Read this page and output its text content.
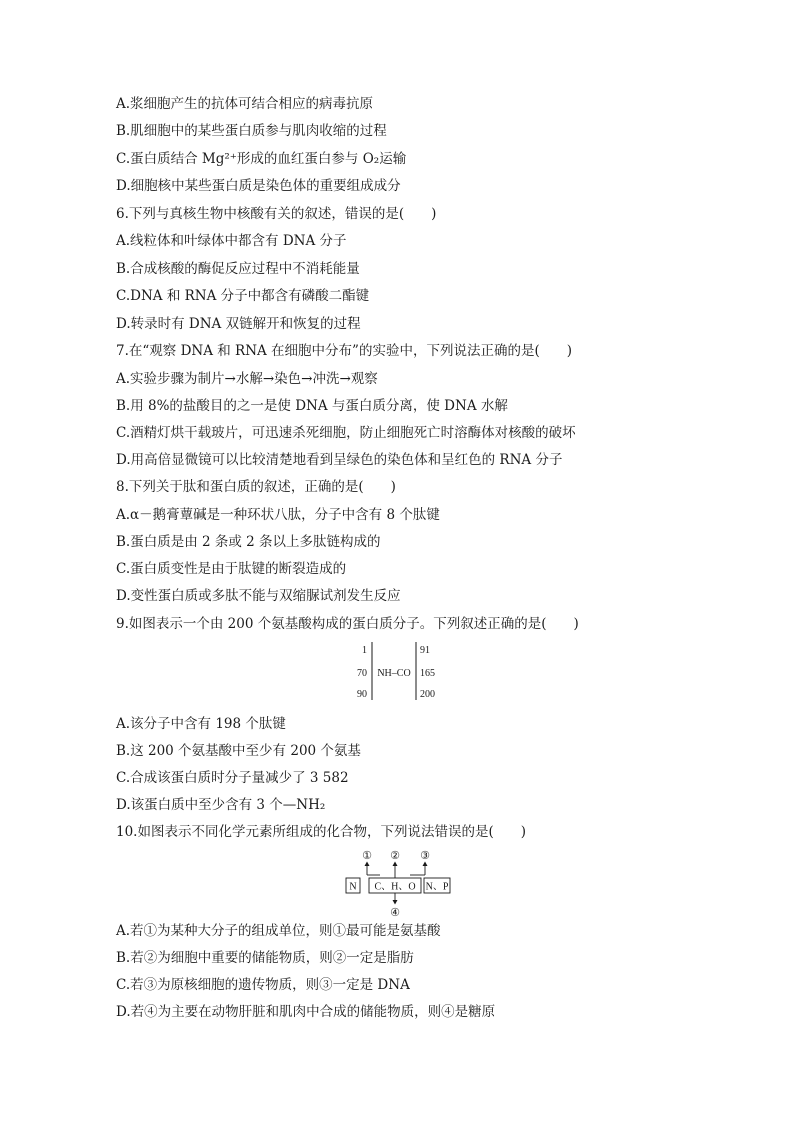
A.浆细胞产生的抗体可结合相应的病毒抗原
B.肌细胞中的某些蛋白质参与肌肉收缩的过程
C.蛋白质结合 Mg²⁺形成的血红蛋白参与 O₂运输
D.细胞核中某些蛋白质是染色体的重要组成成分
6.下列与真核生物中核酸有关的叙述，错误的是(　　)
A.线粒体和叶绿体中都含有 DNA 分子
B.合成核酸的酶促反应过程中不消耗能量
C.DNA 和 RNA 分子中都含有磷酸二酯键
D.转录时有 DNA 双链解开和恢复的过程
7.在“观察 DNA 和 RNA 在细胞中分布”的实验中，下列说法正确的是(　　)
A.实验步骤为制片→水解→染色→冲洗→观察
B.用 8%的盐酸目的之一是使 DNA 与蛋白质分离，使 DNA 水解
C.酒精灯烘干载玻片，可迅速杀死细胞，防止细胞死亡时溶酶体对核酸的破坏
D.用高倍显微镜可以比较清楚地看到呈绿色的染色体和呈红色的 RNA 分子
8.下列关于肽和蛋白质的叙述，正确的是(　　)
A.α－鹅膏蕈碱是一种环状八肽，分子中含有 8 个肽键
B.蛋白质是由 2 条或 2 条以上多肽链构成的
C.蛋白质变性是由于肽键的断裂造成的
D.变性蛋白质或多肽不能与双缩脲试剂发生反应
9.如图表示一个由 200 个氨基酸构成的蛋白质分子。下列叙述正确的是(　　)
1
70
90
91
165
200
NH–CO
A.该分子中含有 198 个肽键
B.这 200 个氨基酸中至少有 200 个氨基
C.合成该蛋白质时分子量减少了 3 582
D.该蛋白质中至少含有 3 个—NH₂
10.如图表示不同化学元素所组成的化合物，下列说法错误的是(　　)
① ② ③
N C、H、O N、P
④
A.若①为某种大分子的组成单位，则①最可能是氨基酸
B.若②为细胞中重要的储能物质，则②一定是脂肪
C.若③为原核细胞的遗传物质，则③一定是 DNA
D.若④为主要在动物肝脏和肌肉中合成的储能物质，则④是糖原
